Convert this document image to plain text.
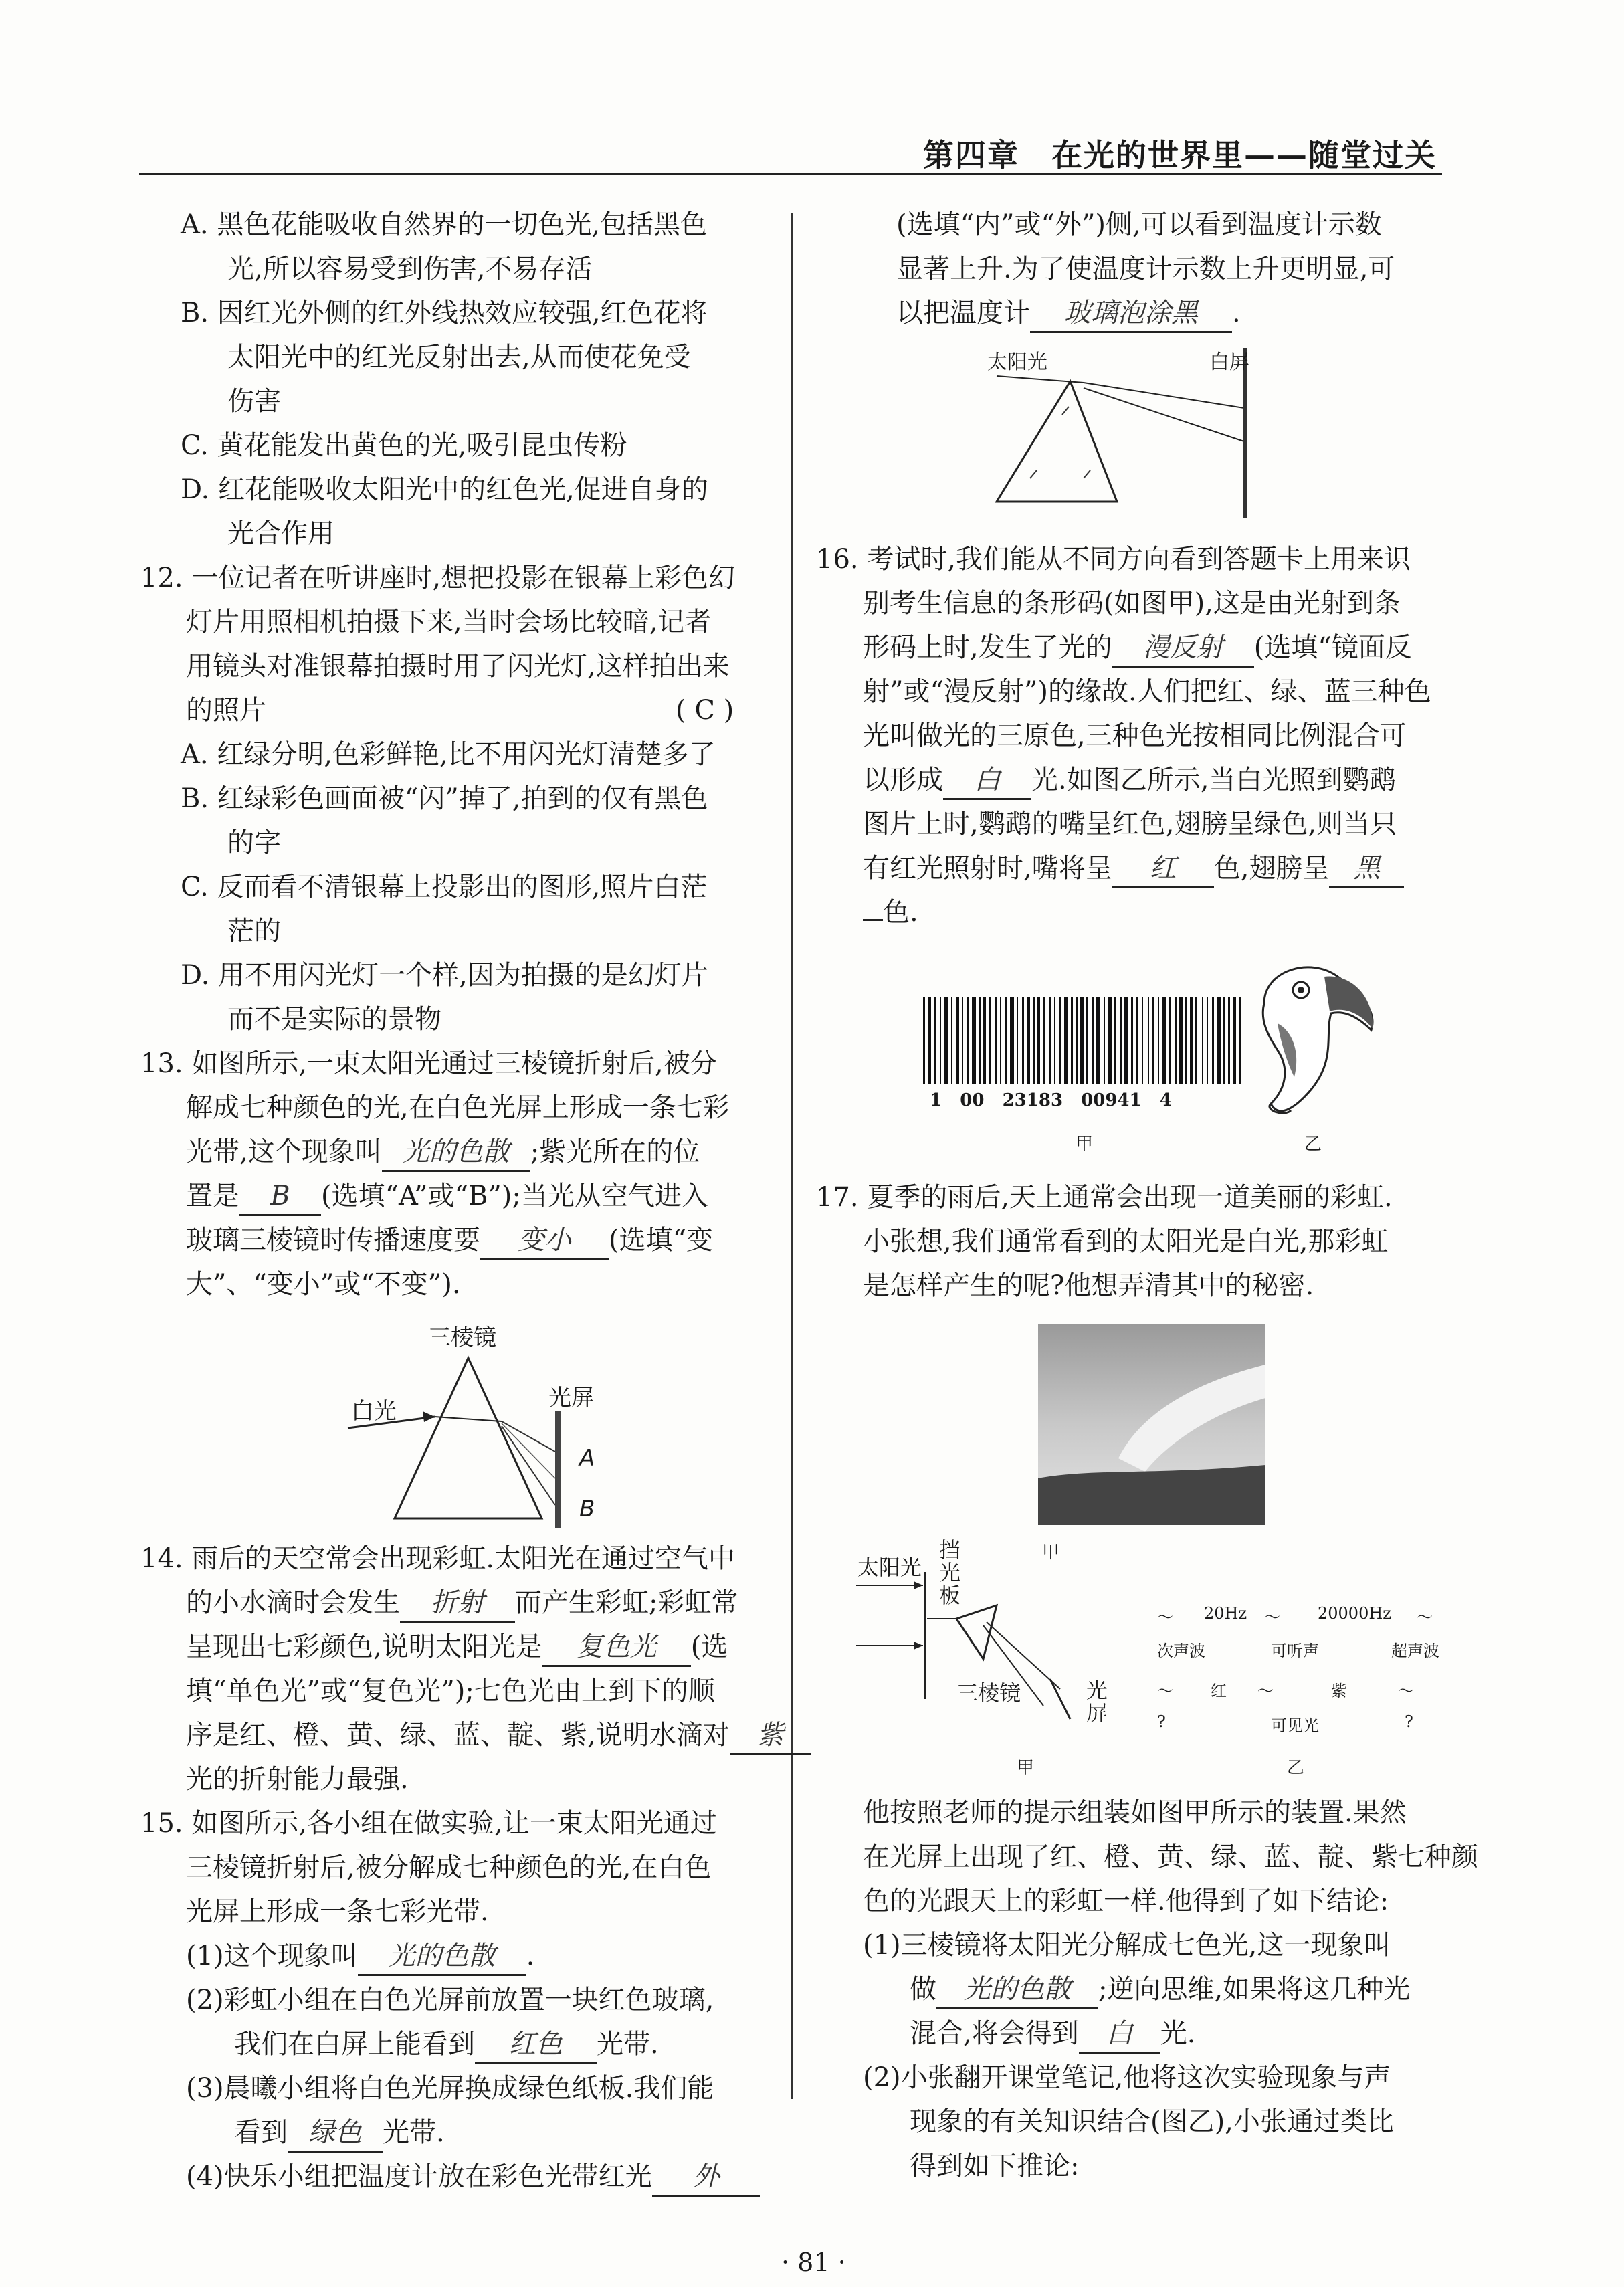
第四章　在光的世界里——随堂过关
A. 黑色花能吸收自然界的一切色光,包括黑色
光,所以容易受到伤害,不易存活
B. 因红光外侧的红外线热效应较强,红色花将
太阳光中的红光反射出去,从而使花免受
伤害
C. 黄花能发出黄色的光,吸引昆虫传粉
D. 红花能吸收太阳光中的红色光,促进自身的
光合作用
12. 一位记者在听讲座时,想把投影在银幕上彩色幻
灯片用照相机拍摄下来,当时会场比较暗,记者
用镜头对准银幕拍摄时用了闪光灯,这样拍出来
的照片	( C )
A. 红绿分明,色彩鲜艳,比不用闪光灯清楚多了
B. 红绿彩色画面被“闪”掉了,拍到的仅有黑色
的字
C. 反而看不清银幕上投影出的图形,照片白茫
茫的
D. 用不用闪光灯一个样,因为拍摄的是幻灯片
而不是实际的景物
13. 如图所示,一束太阳光通过三棱镜折射后,被分
解成七种颜色的光,在白色光屏上形成一条七彩
光带,这个现象叫 光的色散 ;紫光所在的位
置是 B (选填“A”或“B”);当光从空气进入
玻璃三棱镜时传播速度要 变小 (选填“变
大”、“变小”或“不变”).
三棱镜
白光	光屏
A
B
14. 雨后的天空常会出现彩虹.太阳光在通过空气中
的小水滴时会发生 折射 而产生彩虹;彩虹常
呈现出七彩颜色,说明太阳光是 复色光 (选
填“单色光”或“复色光”);七色光由上到下的顺
序是红、橙、黄、绿、蓝、靛、紫,说明水滴对 紫
光的折射能力最强.
15. 如图所示,各小组在做实验,让一束太阳光通过
三棱镜折射后,被分解成七种颜色的光,在白色
光屏上形成一条七彩光带.
(1)这个现象叫 光的色散 .
(2)彩虹小组在白色光屏前放置一块红色玻璃,
我们在白屏上能看到 红色 光带.
(3)晨曦小组将白色光屏换成绿色纸板.我们能
看到 绿色 光带.
(4)快乐小组把温度计放在彩色光带红光 外
(选填“内”或“外”)侧,可以看到温度计示数
显著上升.为了使温度计示数上升更明显,可
以把温度计 玻璃泡涂黑 .
太阳光	白屏
16. 考试时,我们能从不同方向看到答题卡上用来识
别考生信息的条形码(如图甲),这是由光射到条
形码上时,发生了光的 漫反射 (选填“镜面反
射”或“漫反射”)的缘故.人们把红、绿、蓝三种色
光叫做光的三原色,三种色光按相同比例混合可
以形成 白 光.如图乙所示,当白光照到鹦鹉
图片上时,鹦鹉的嘴呈红色,翅膀呈绿色,则当只
有红光照射时,嘴将呈 红 色,翅膀呈 黑
色.
1   00   23183   00941   4
甲	乙
17. 夏季的雨后,天上通常会出现一道美丽的彩虹.
小张想,我们通常看到的太阳光是白光,那彩虹
是怎样产生的呢?他想弄清其中的秘密.
甲
太阳光
挡光板
三棱镜	光屏
甲
〜 20Hz 〜 20000Hz 〜
次声波	可听声	超声波
〜 红 〜	紫	〜
?	可见光	?
乙
他按照老师的提示组装如图甲所示的装置.果然
在光屏上出现了红、橙、黄、绿、蓝、靛、紫七种颜
色的光跟天上的彩虹一样.他得到了如下结论:
(1)三棱镜将太阳光分解成七色光,这一现象叫
做 光的色散 ;逆向思维,如果将这几种光
混合,将会得到 白 光.
(2)小张翻开课堂笔记,他将这次实验现象与声
现象的有关知识结合(图乙),小张通过类比
得到如下推论:
· 81 ·
